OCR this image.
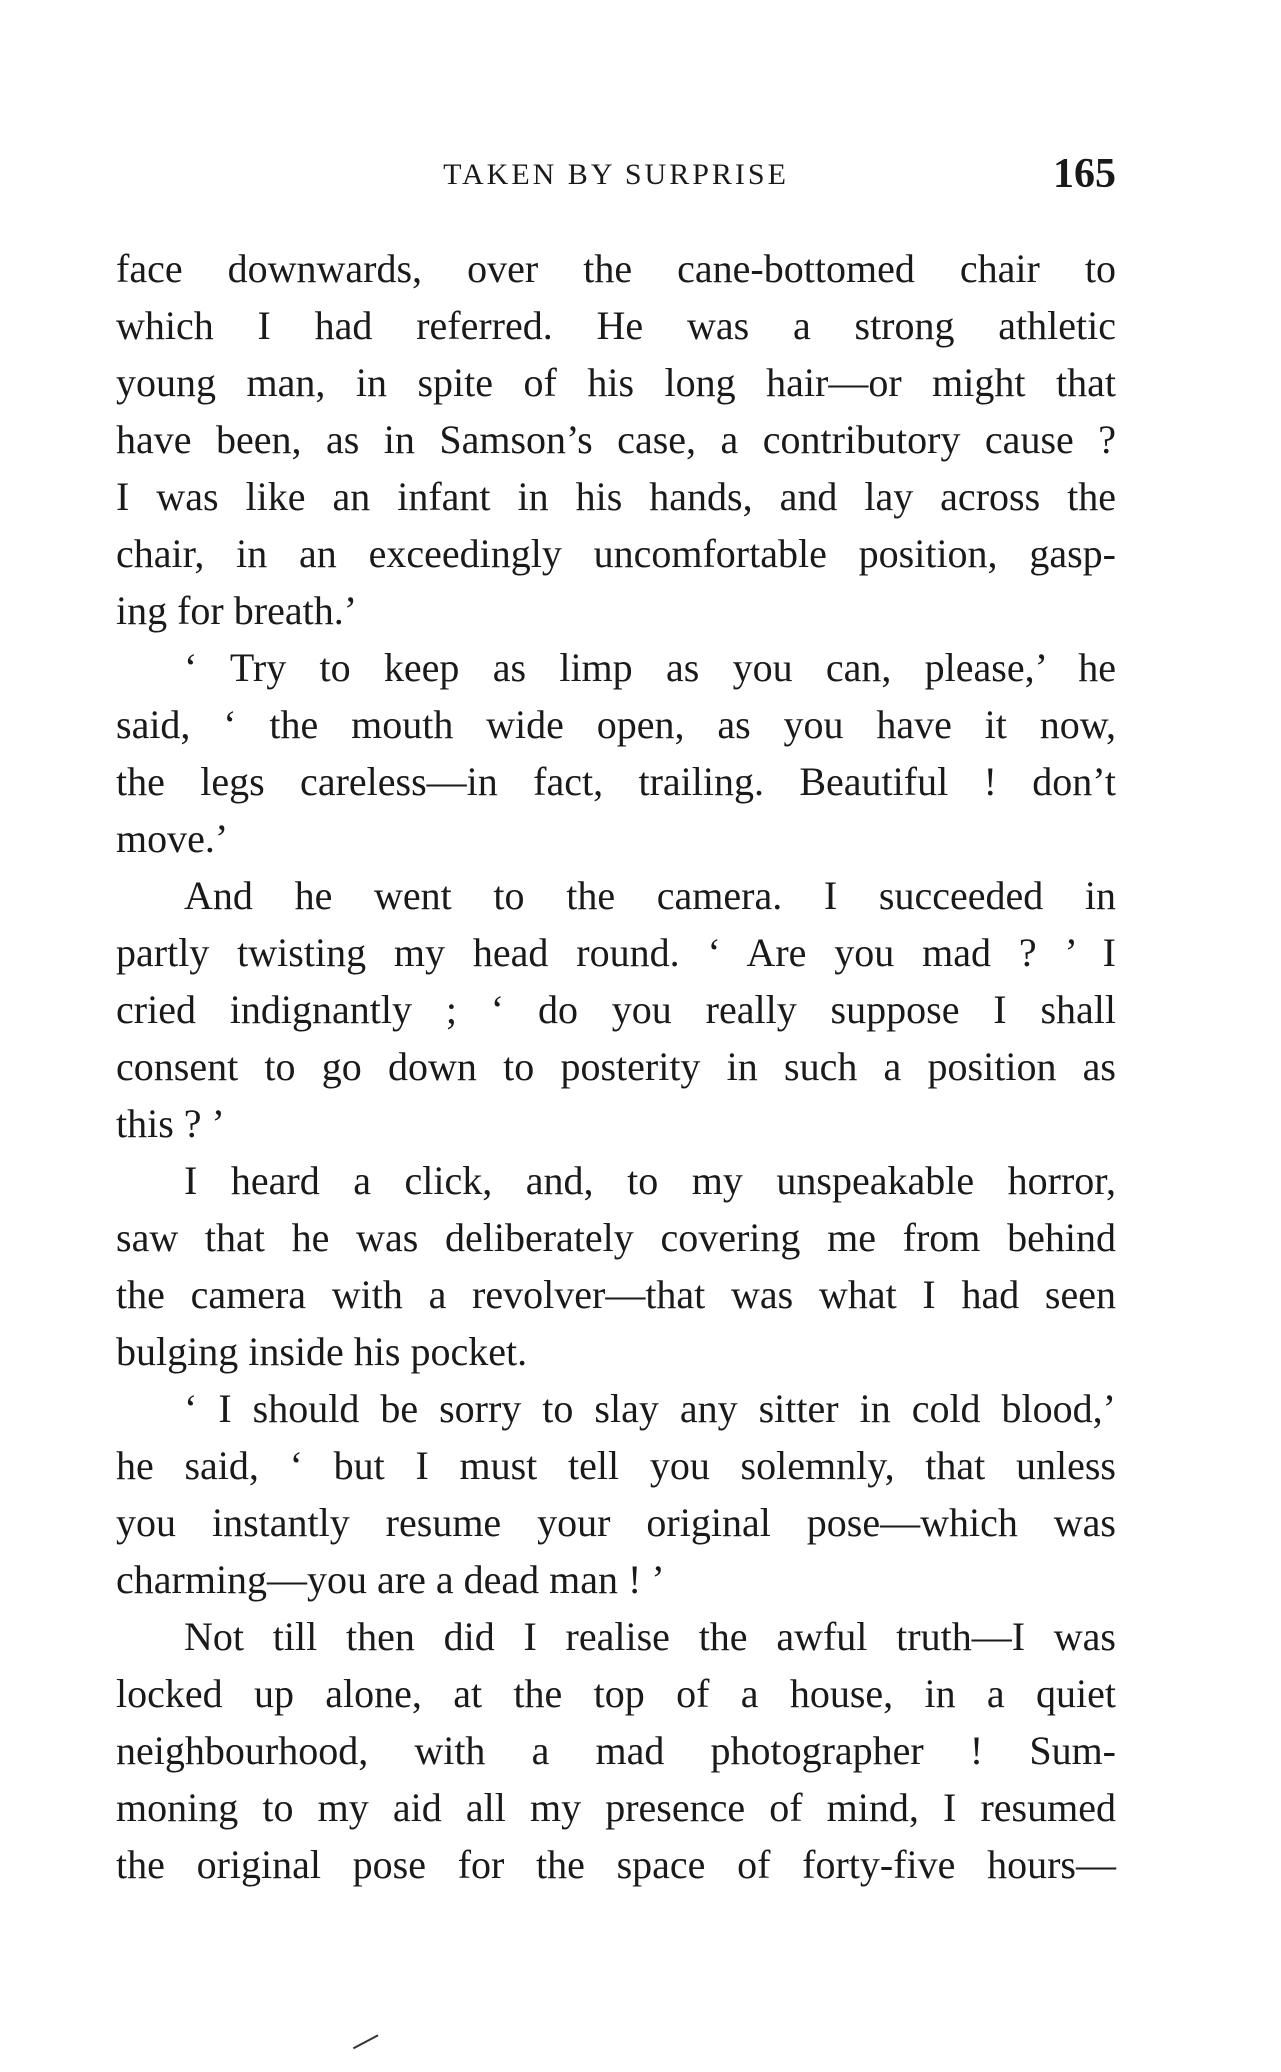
TAKEN BY SURPRISE	165
face downwards, over the cane-bottomed chair to
which I had referred. He was a strong athletic
young man, in spite of his long hair—or might that
have been, as in Samson’s case, a contributory cause ?
I was like an infant in his hands, and lay across the
chair, in an exceedingly uncomfortable position, gasp-
ing for breath.’
‘ Try to keep as limp as you can, please,’ he
said, ‘ the mouth wide open, as you have it now,
the legs careless—in fact, trailing. Beautiful ! don’t
move.’
And he went to the camera. I succeeded in
partly twisting my head round. ‘ Are you mad ? ’ I
cried indignantly ; ‘ do you really suppose I shall
consent to go down to posterity in such a position as
this ? ’
I heard a click, and, to my unspeakable horror,
saw that he was deliberately covering me from behind
the camera with a revolver—that was what I had seen
bulging inside his pocket.
‘ I should be sorry to slay any sitter in cold blood,’
he said, ‘ but I must tell you solemnly, that unless
you instantly resume your original pose—which was
charming—you are a dead man ! ’
Not till then did I realise the awful truth—I was
locked up alone, at the top of a house, in a quiet
neighbourhood, with a mad photographer ! Sum-
moning to my aid all my presence of mind, I resumed
the original pose for the space of forty-five hours—
